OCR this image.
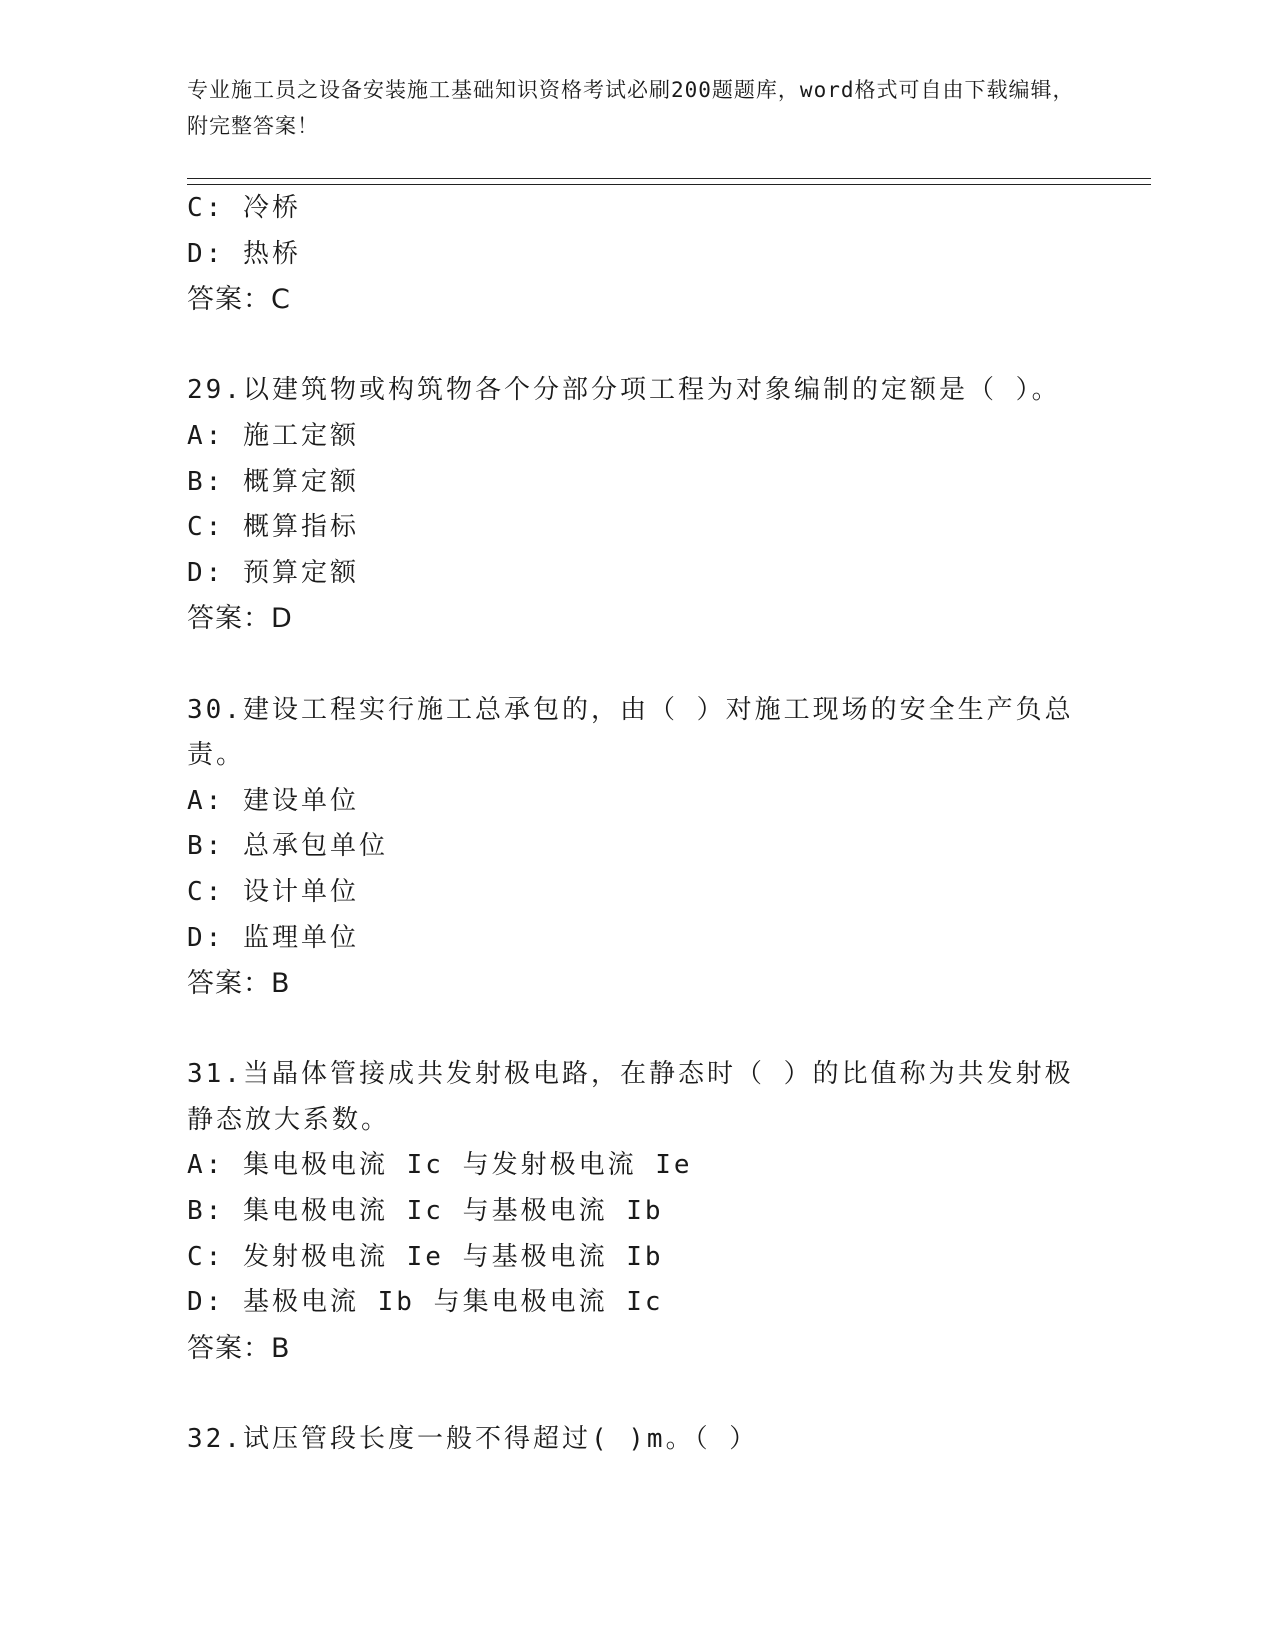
专业施工员之设备安装施工基础知识资格考试必刷200题题库，word格式可自由下载编辑，附完整答案！
C: 冷桥
D: 热桥
答案：C
29.以建筑物或构筑物各个分部分项工程为对象编制的定额是（ ）。
A: 施工定额
B: 概算定额
C: 概算指标
D: 预算定额
答案：D
30.建设工程实行施工总承包的，由（ ）对施工现场的安全生产负总
责。
A: 建设单位
B: 总承包单位
C: 设计单位
D: 监理单位
答案：B
31.当晶体管接成共发射极电路，在静态时（ ）的比值称为共发射极
静态放大系数。
A: 集电极电流 Ic 与发射极电流 Ie
B: 集电极电流 Ic 与基极电流 Ib
C: 发射极电流 Ie 与基极电流 Ib
D: 基极电流 Ib 与集电极电流 Ic
答案：B
32.试压管段长度一般不得超过( )m。（ ）
